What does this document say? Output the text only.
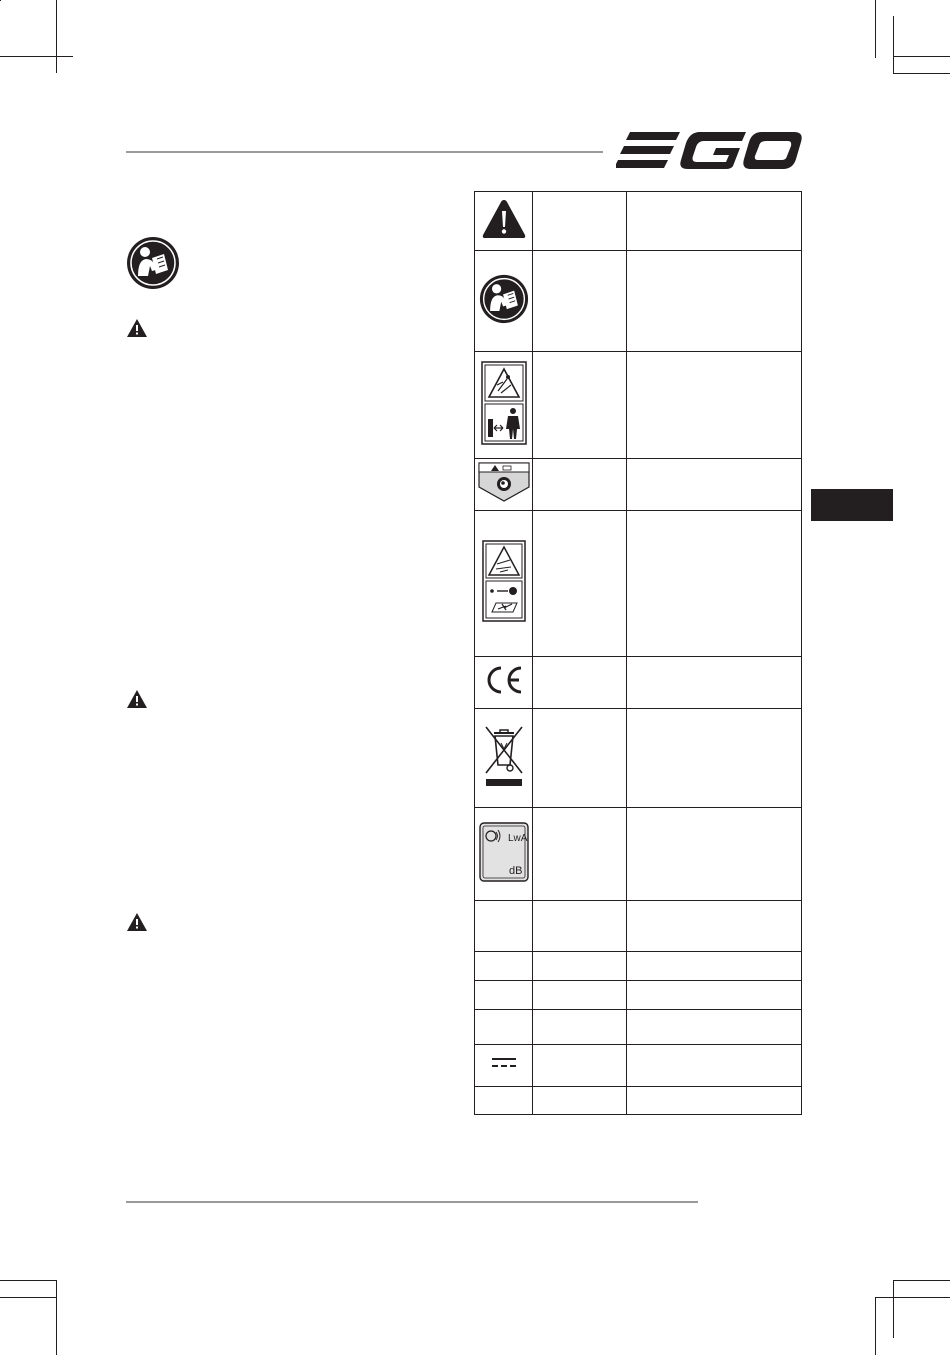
LwA
dB		
